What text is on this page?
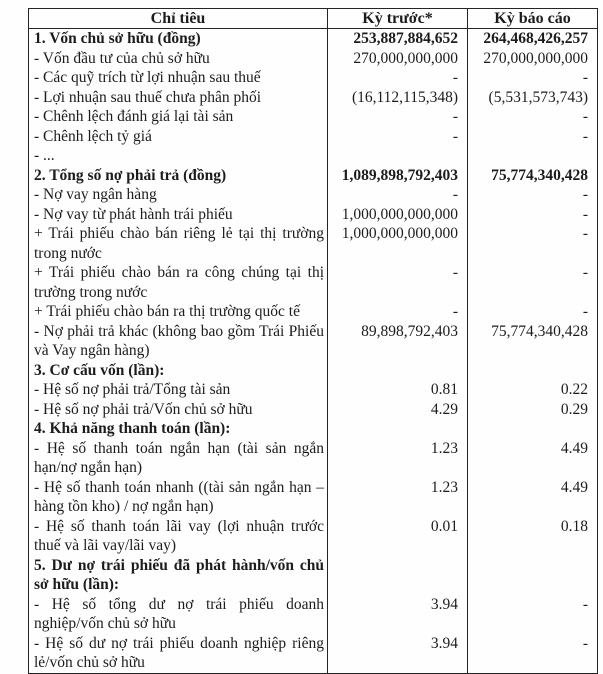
Chỉ tiêu	Kỳ trước*	Kỳ báo cáo
1. Vốn chủ sở hữu (đồng)	253,887,884,652	264,468,426,257
- Vốn đầu tư của chủ sở hữu	270,000,000,000	270,000,000,000
- Các quỹ trích từ lợi nhuận sau thuế	-	-
- Lợi nhuận sau thuế chưa phân phối	(16,112,115,348)	(5,531,573,743)
- Chênh lệch đánh giá lại tài sản	-	-
- Chênh lệch tỷ giá	-	-
- ...		
2. Tổng số nợ phải trả (đồng)	1,089,898,792,403	75,774,340,428
- Nợ vay ngân hàng	-	-
- Nợ vay từ phát hành trái phiếu	1,000,000,000,000	-
+ Trái phiếu chào bán riêng lẻ tại thị trường trong nước	1,000,000,000,000	-
+ Trái phiếu chào bán ra công chúng tại thị trường trong nước	-	-
+ Trái phiếu chào bán ra thị trường quốc tế	-	-
- Nợ phải trả khác (không bao gồm Trái Phiếu và Vay ngân hàng)	89,898,792,403	75,774,340,428
3. Cơ cấu vốn (lần):		
- Hệ số nợ phải trả/Tổng tài sản	0.81	0.22
- Hệ số nợ phải trả/Vốn chủ sở hữu	4.29	0.29
4. Khả năng thanh toán (lần):		
- Hệ số thanh toán ngắn hạn (tài sản ngắn hạn/nợ ngắn hạn)	1.23	4.49
- Hệ số thanh toán nhanh ((tài sản ngắn hạn – hàng tồn kho) / nợ ngắn hạn)	1.23	4.49
- Hệ số thanh toán lãi vay (lợi nhuận trước thuế và lãi vay/lãi vay)	0.01	0.18
5. Dư nợ trái phiếu đã phát hành/vốn chủ sở hữu (lần):		
- Hệ số tổng dư nợ trái phiếu doanh nghiệp/vốn chủ sở hữu	3.94	-
- Hệ số dư nợ trái phiếu doanh nghiệp riêng lẻ/vốn chủ sở hữu	3.94	-
